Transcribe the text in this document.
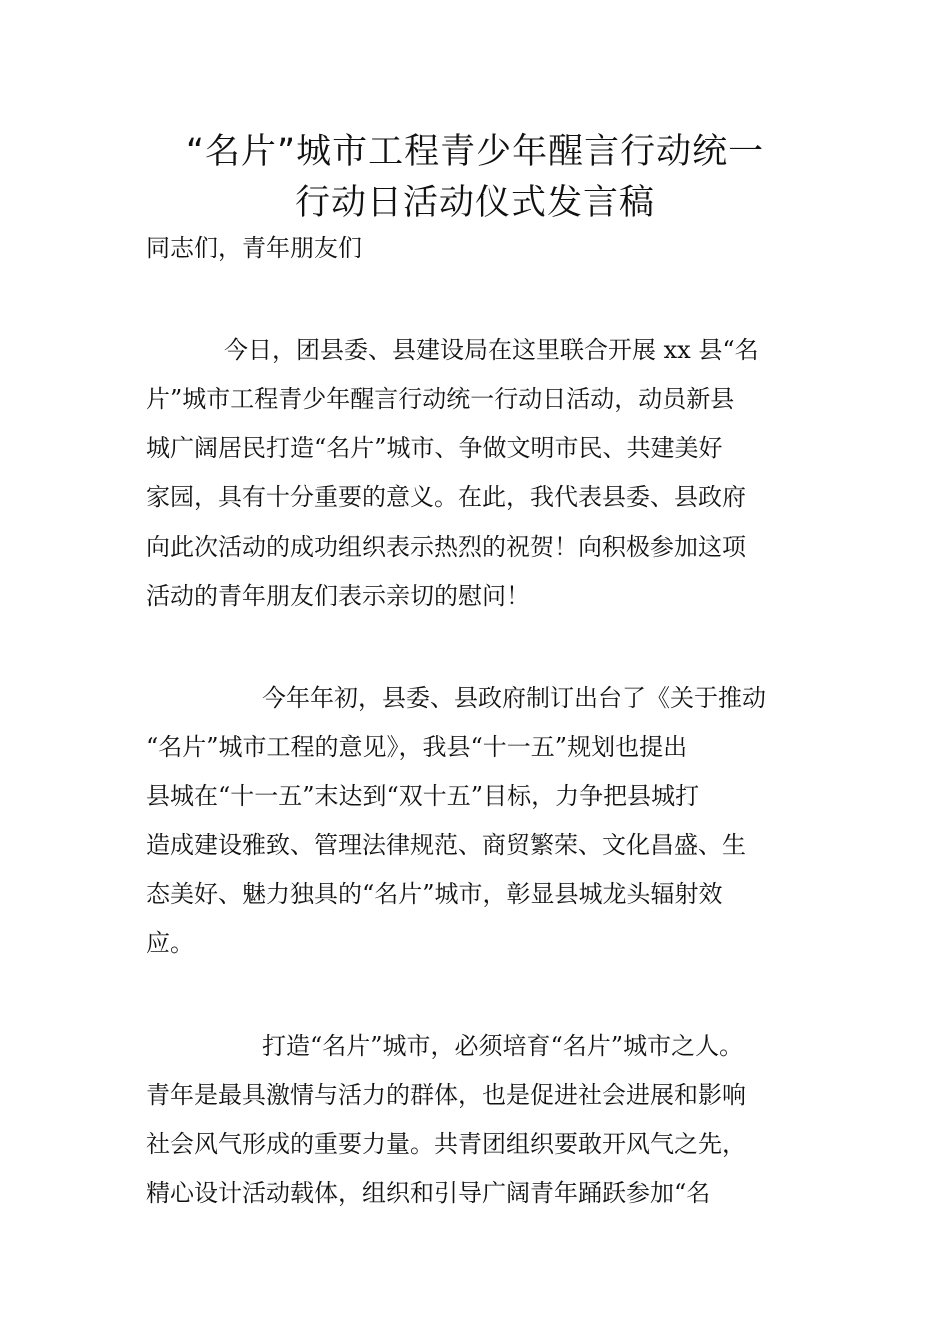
“名片”城市工程青少年醒言行动统一
行动日活动仪式发言稿
同志们，青年朋友们
今日，团县委、县建设局在这里联合开展 xx 县“名
片”城市工程青少年醒言行动统一行动日活动，动员新县
城广阔居民打造“名片”城市、争做文明市民、共建美好
家园，具有十分重要的意义。在此，我代表县委、县政府
向此次活动的成功组织表示热烈的祝贺！向积极参加这项
活动的青年朋友们表示亲切的慰问！
今年年初，县委、县政府制订出台了《关于推动
“名片”城市工程的意见》，我县“十一五”规划也提出
县城在“十一五”末达到“双十五”目标，力争把县城打
造成建设雅致、管理法律规范、商贸繁荣、文化昌盛、生
态美好、魅力独具的“名片”城市，彰显县城龙头辐射效
应。
打造“名片”城市，必须培育“名片”城市之人。
青年是最具激情与活力的群体，也是促进社会进展和影响
社会风气形成的重要力量。共青团组织要敢开风气之先，
精心设计活动载体，组织和引导广阔青年踊跃参加“名
